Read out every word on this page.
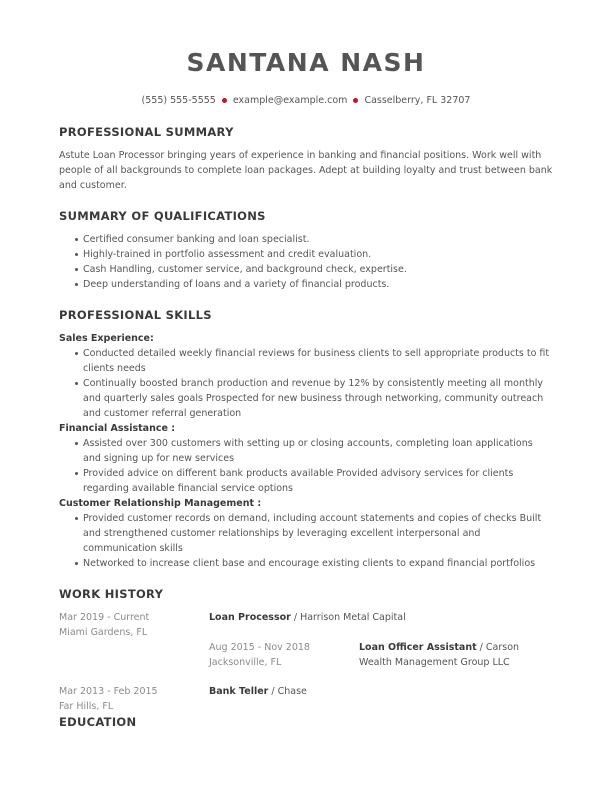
SANTANA NASH
(555) 555-5555 example@example.com Casselberry, FL 32707
PROFESSIONAL SUMMARY
Astute Loan Processor bringing years of experience in banking and financial positions. Work well with people of all backgrounds to complete loan packages. Adept at building loyalty and trust between bank and customer.
SUMMARY OF QUALIFICATIONS
Certified consumer banking and loan specialist.
Highly-trained in portfolio assessment and credit evaluation.
Cash Handling, customer service, and background check, expertise.
Deep understanding of loans and a variety of financial products.
PROFESSIONAL SKILLS
Sales Experience:
Conducted detailed weekly financial reviews for business clients to sell appropriate products to fit clients needs
Continually boosted branch production and revenue by 12% by consistently meeting all monthly and quarterly sales goals Prospected for new business through networking, community outreach and customer referral generation
Financial Assistance :
Assisted over 300 customers with setting up or closing accounts, completing loan applications and signing up for new services
Provided advice on different bank products available Provided advisory services for clients regarding available financial service options
Customer Relationship Management :
Provided customer records on demand, including account statements and copies of checks Built and strengthened customer relationships by leveraging excellent interpersonal and communication skills
Networked to increase client base and encourage existing clients to expand financial portfolios
WORK HISTORY
Mar 2019 - Current
Miami Gardens, FL
Loan Processor / Harrison Metal Capital
Aug 2015 - Nov 2018
Jacksonville, FL
Loan Officer Assistant / Carson Wealth Management Group LLC
Mar 2013 - Feb 2015
Far Hills, FL
Bank Teller / Chase
EDUCATION
